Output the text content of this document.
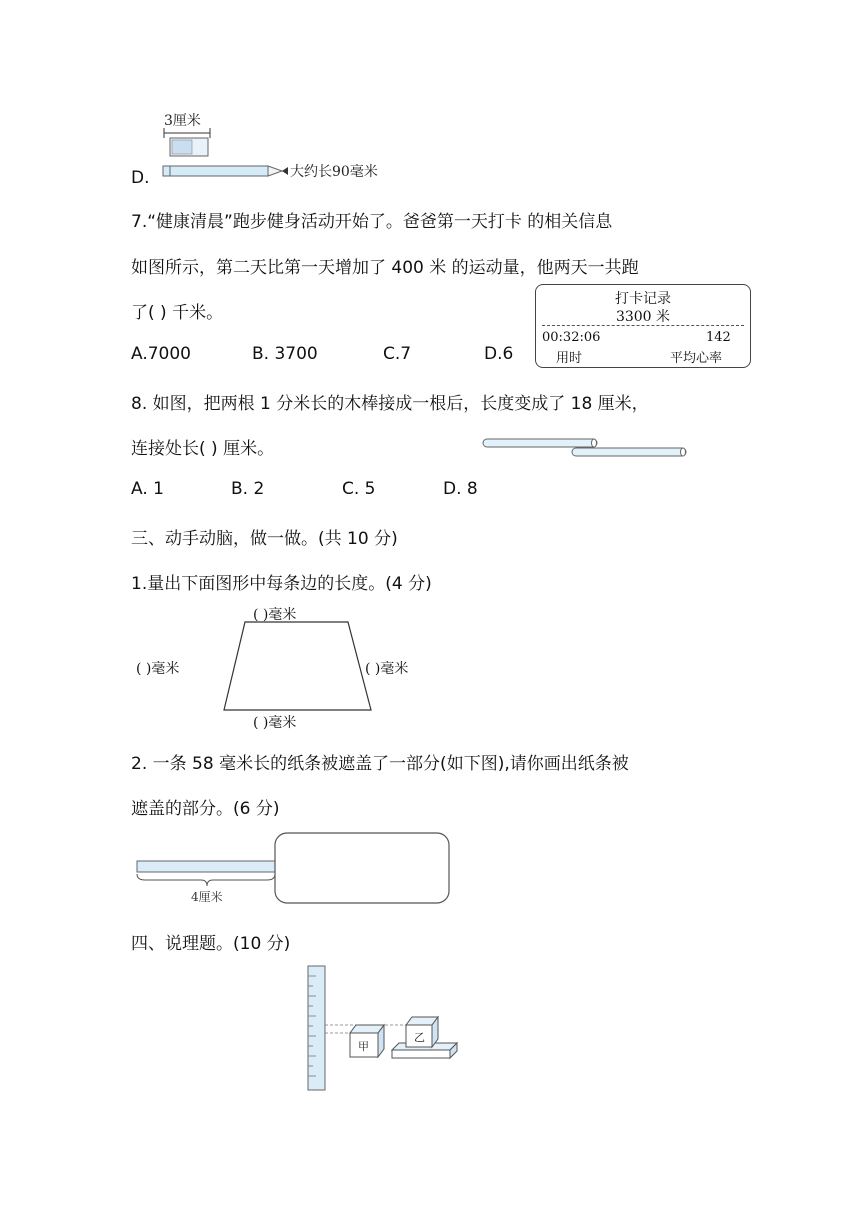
D.
3厘米
大约长90毫米
7.“健康清晨”跑步健身活动开始了。爸爸第一天打卡 的相关信息
如图所示，第二天比第一天增加了 400 米 的运动量，他两天一共跑
了( ) 千米。
A.7000	B. 3700	C.7	D.6
打卡记录
3300 米
00:32:06
用时
142
平均心率
8. 如图，把两根 1 分米长的木棒接成一根后，长度变成了 18 厘米，
连接处长( ) 厘米。
A. 1	B. 2	C. 5	D. 8
三、动手动脑，做一做。(共 10 分)
1.量出下面图形中每条边的长度。(4 分)
( )毫米
( )毫米	( )毫米
( )毫米
2. 一条 58 毫米长的纸条被遮盖了一部分(如下图),请你画出纸条被
遮盖的部分。(6 分)
4厘米
四、说理题。(10 分)
甲
乙
